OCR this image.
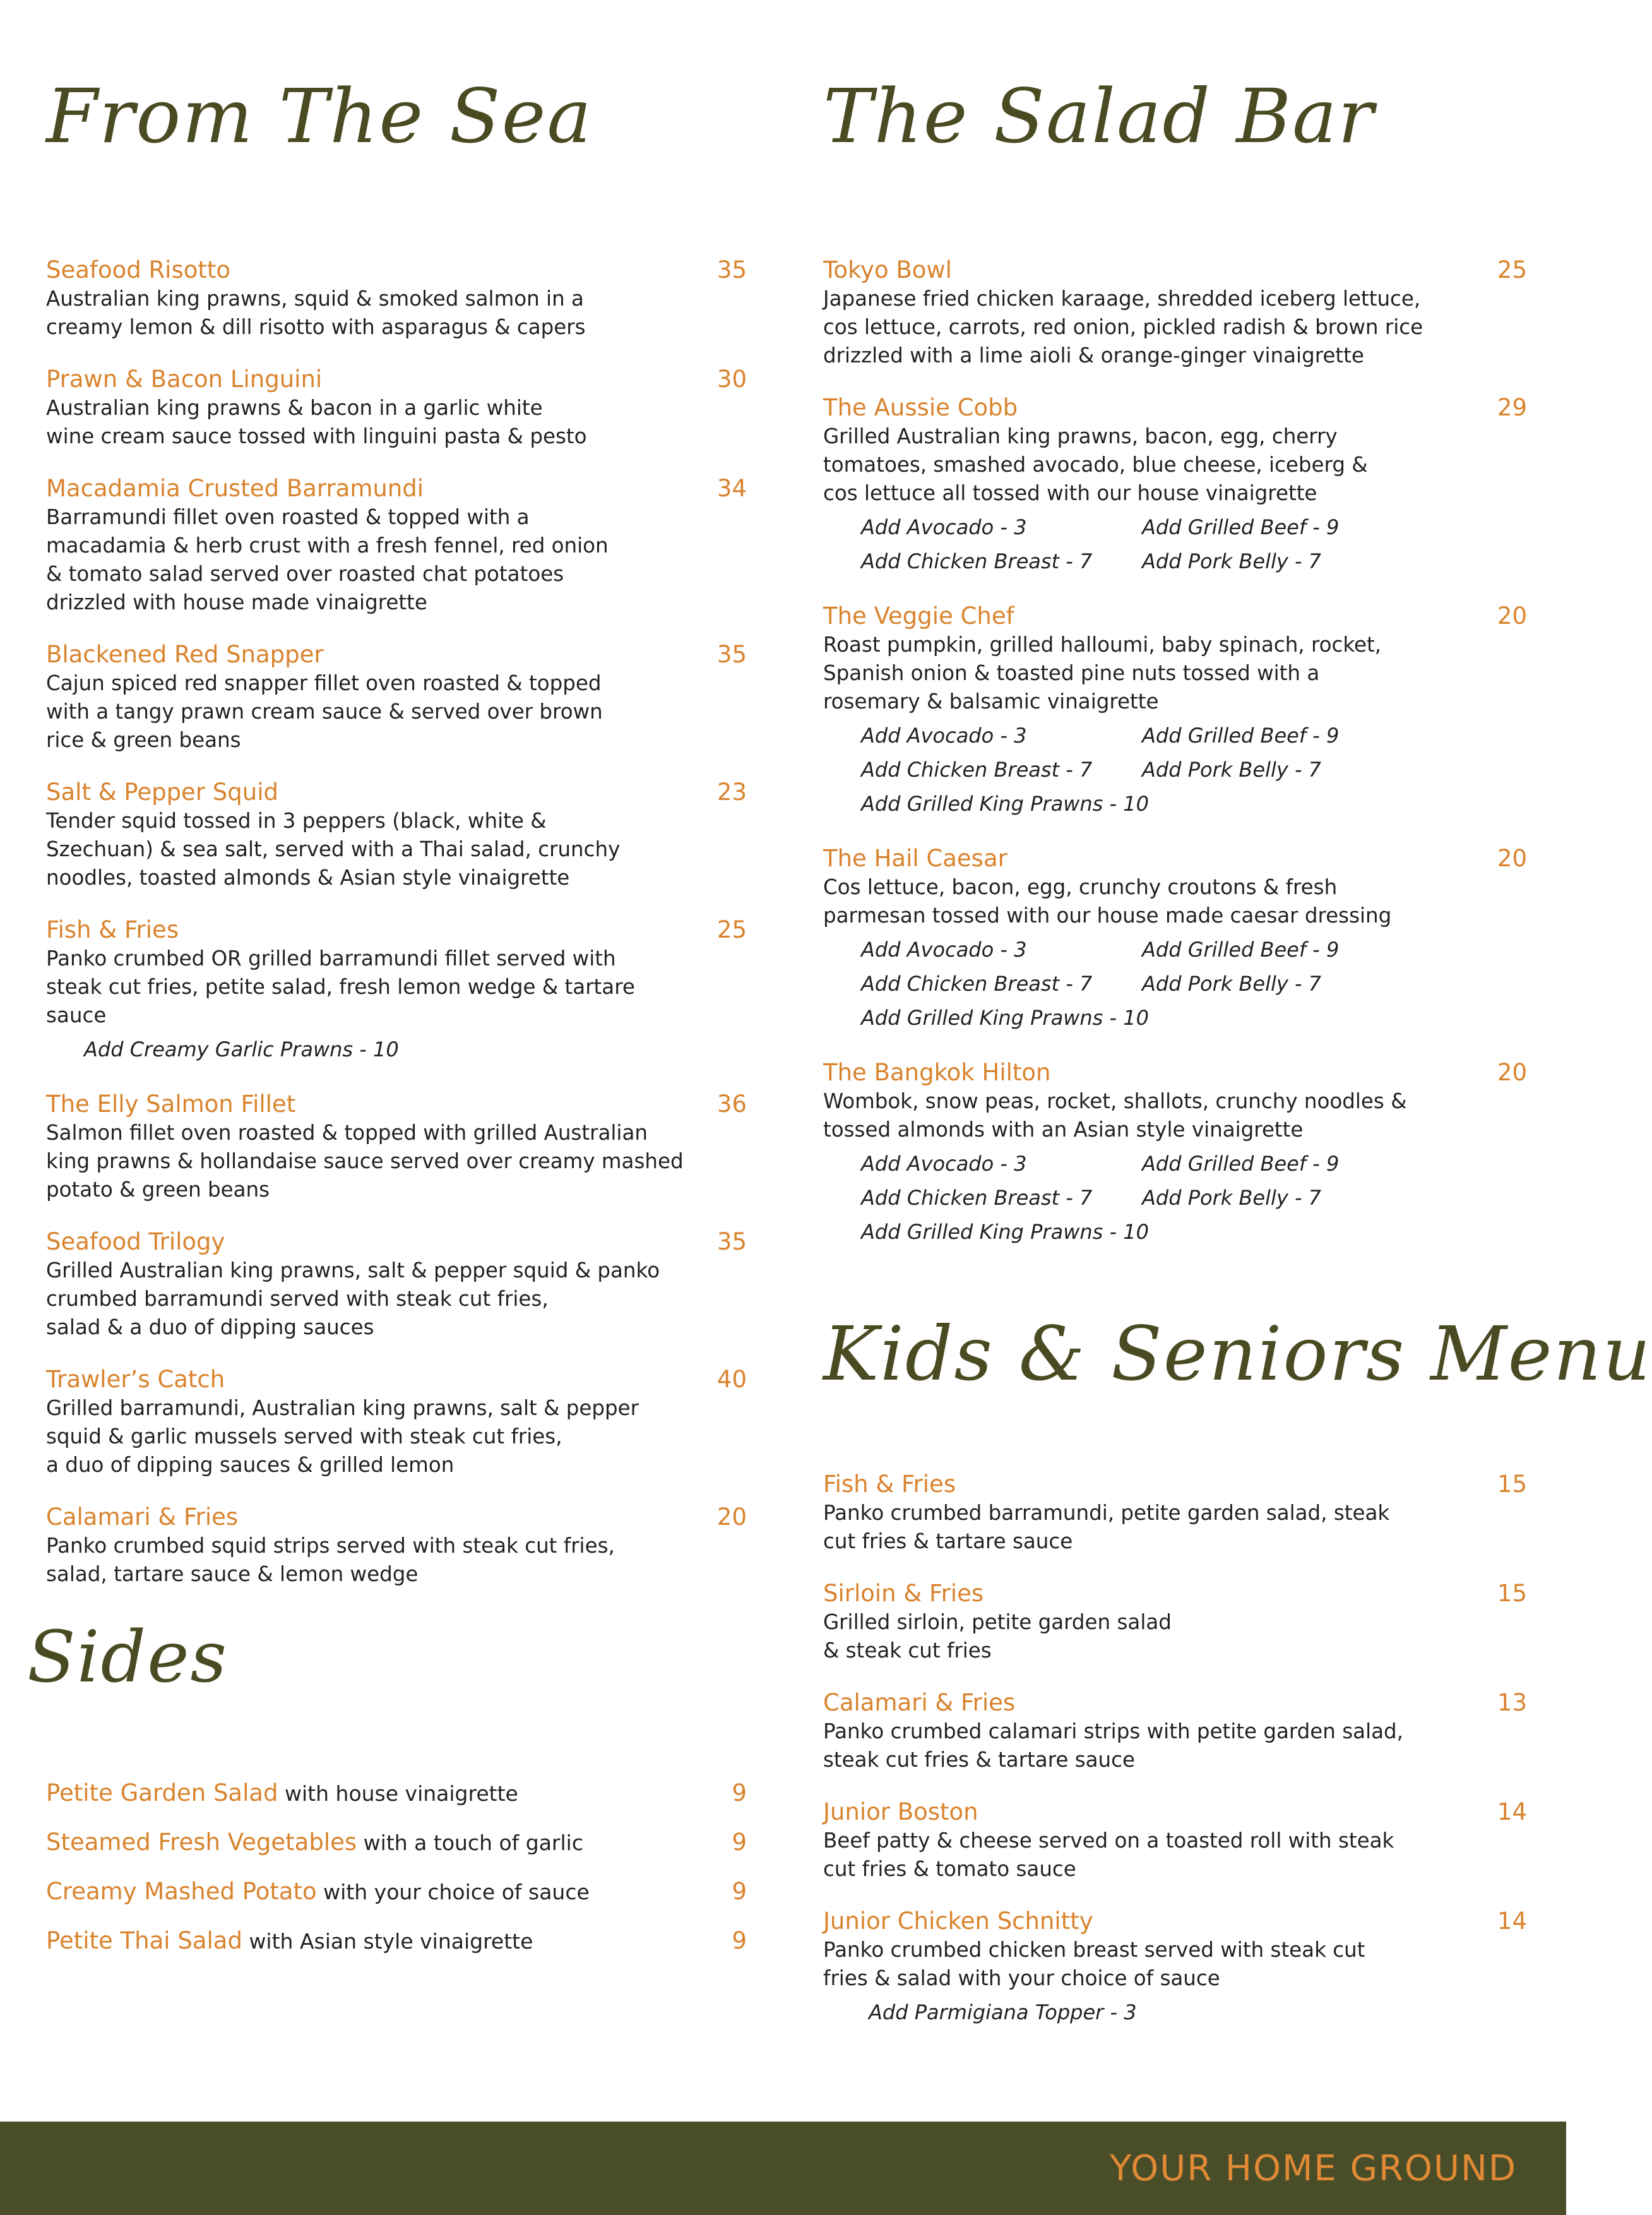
From The Sea
Seafood Risotto	35
Australian king prawns, squid & smoked salmon in a
creamy lemon & dill risotto with asparagus & capers
Prawn & Bacon Linguini	30
Australian king prawns & bacon in a garlic white
wine cream sauce tossed with linguini pasta & pesto
Macadamia Crusted Barramundi	34
Barramundi fillet oven roasted & topped with a
macadamia & herb crust with a fresh fennel, red onion
& tomato salad served over roasted chat potatoes
drizzled with house made vinaigrette
Blackened Red Snapper	35
Cajun spiced red snapper fillet oven roasted & topped
with a tangy prawn cream sauce & served over brown
rice & green beans
Salt & Pepper Squid	23
Tender squid tossed in 3 peppers (black, white &
Szechuan) & sea salt, served with a Thai salad, crunchy
noodles, toasted almonds & Asian style vinaigrette
Fish & Fries	25
Panko crumbed OR grilled barramundi fillet served with
steak cut fries, petite salad, fresh lemon wedge & tartare
sauce
Add Creamy Garlic Prawns - 10
The Elly Salmon Fillet	36
Salmon fillet oven roasted & topped with grilled Australian
king prawns & hollandaise sauce served over creamy mashed
potato & green beans
Seafood Trilogy	35
Grilled Australian king prawns, salt & pepper squid & panko
crumbed barramundi served with steak cut fries,
salad & a duo of dipping sauces
Trawler’s Catch	40
Grilled barramundi, Australian king prawns, salt & pepper
squid & garlic mussels served with steak cut fries,
a duo of dipping sauces & grilled lemon
Calamari & Fries	20
Panko crumbed squid strips served with steak cut fries,
salad, tartare sauce & lemon wedge
Sides
Petite Garden Salad with house vinaigrette	9
Steamed Fresh Vegetables with a touch of garlic	9
Creamy Mashed Potato with your choice of sauce	9
Petite Thai Salad with Asian style vinaigrette	9
The Salad Bar
Tokyo Bowl	25
Japanese fried chicken karaage, shredded iceberg lettuce,
cos lettuce, carrots, red onion, pickled radish & brown rice
drizzled with a lime aioli & orange-ginger vinaigrette
The Aussie Cobb	29
Grilled Australian king prawns, bacon, egg, cherry
tomatoes, smashed avocado, blue cheese, iceberg &
cos lettuce all tossed with our house vinaigrette
Add Avocado - 3	Add Grilled Beef - 9
Add Chicken Breast - 7	Add Pork Belly - 7
The Veggie Chef	20
Roast pumpkin, grilled halloumi, baby spinach, rocket,
Spanish onion & toasted pine nuts tossed with a
rosemary & balsamic vinaigrette
Add Avocado - 3	Add Grilled Beef - 9
Add Chicken Breast - 7	Add Pork Belly - 7
Add Grilled King Prawns - 10
The Hail Caesar	20
Cos lettuce, bacon, egg, crunchy croutons & fresh
parmesan tossed with our house made caesar dressing
Add Avocado - 3	Add Grilled Beef - 9
Add Chicken Breast - 7	Add Pork Belly - 7
Add Grilled King Prawns - 10
The Bangkok Hilton	20
Wombok, snow peas, rocket, shallots, crunchy noodles &
tossed almonds with an Asian style vinaigrette
Add Avocado - 3	Add Grilled Beef - 9
Add Chicken Breast - 7	Add Pork Belly - 7
Add Grilled King Prawns - 10
Kids & Seniors Menu
Fish & Fries	15
Panko crumbed barramundi, petite garden salad, steak
cut fries & tartare sauce
Sirloin & Fries	15
Grilled sirloin, petite garden salad
& steak cut fries
Calamari & Fries	13
Panko crumbed calamari strips with petite garden salad,
steak cut fries & tartare sauce
Junior Boston	14
Beef patty & cheese served on a toasted roll with steak
cut fries & tomato sauce
Junior Chicken Schnitty	14
Panko crumbed chicken breast served with steak cut
fries & salad with your choice of sauce
Add Parmigiana Topper - 3
YOUR HOME GROUND
